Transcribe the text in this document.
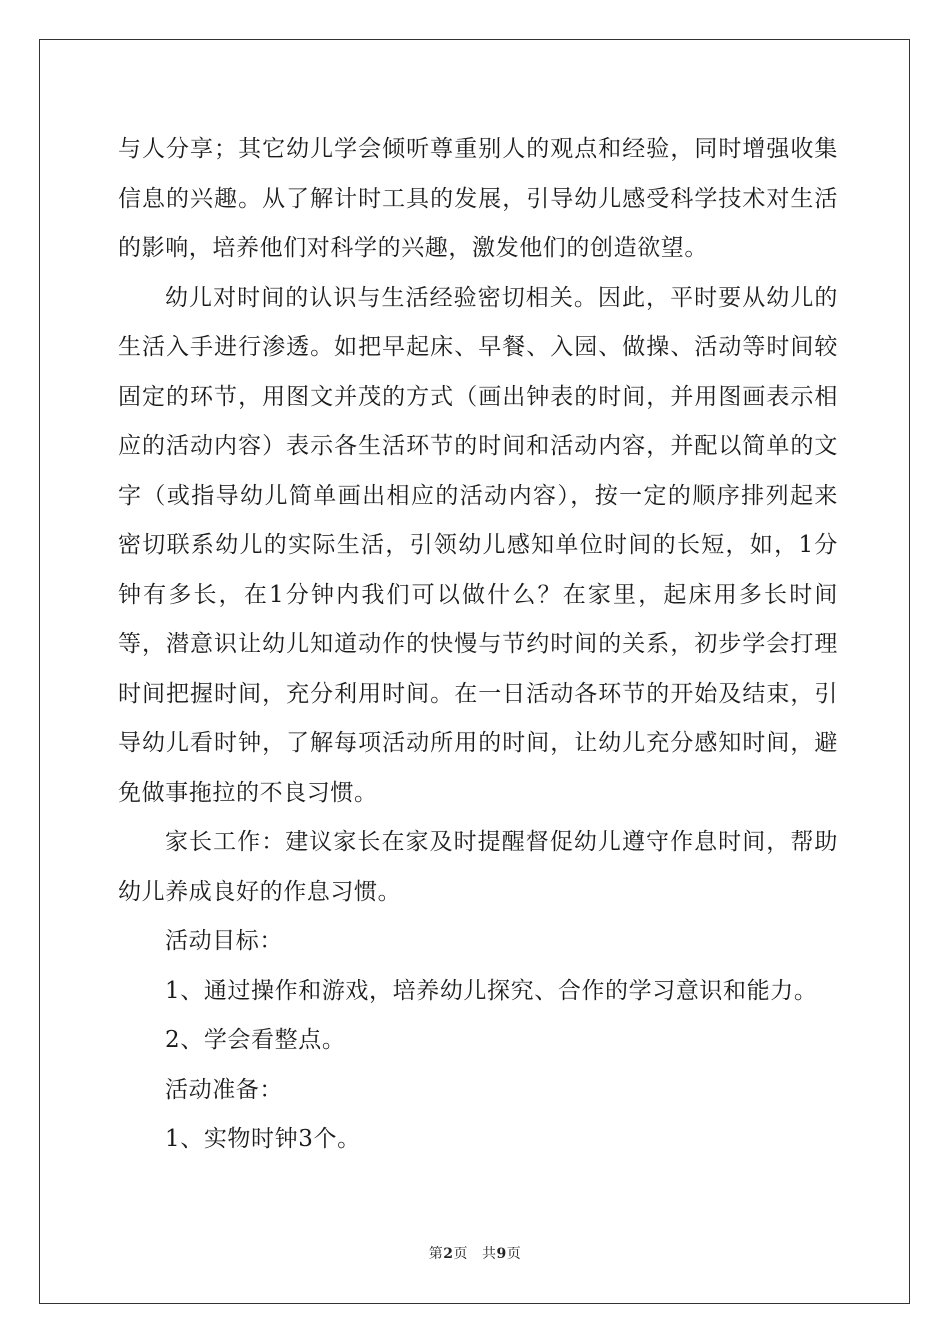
与人分享；其它幼儿学会倾听尊重别人的观点和经验，同时增强收集信息的兴趣。从了解计时工具的发展，引导幼儿感受科学技术对生活的影响，培养他们对科学的兴趣，激发他们的创造欲望。

幼儿对时间的认识与生活经验密切相关。因此，平时要从幼儿的生活入手进行渗透。如把早起床、早餐、入园、做操、活动等时间较固定的环节，用图文并茂的方式（画出钟表的时间，并用图画表示相应的活动内容）表示各生活环节的时间和活动内容，并配以简单的文字（或指导幼儿简单画出相应的活动内容），按一定的顺序排列起来密切联系幼儿的实际生活，引领幼儿感知单位时间的长短，如，1分钟有多长，在1分钟内我们可以做什么？在家里，起床用多长时间等，潜意识让幼儿知道动作的快慢与节约时间的关系，初步学会打理时间把握时间，充分利用时间。在一日活动各环节的开始及结束，引导幼儿看时钟，了解每项活动所用的时间，让幼儿充分感知时间，避免做事拖拉的不良习惯。

家长工作：建议家长在家及时提醒督促幼儿遵守作息时间，帮助幼儿养成良好的作息习惯。

活动目标：

1、通过操作和游戏，培养幼儿探究、合作的学习意识和能力。

2、学会看整点。

活动准备：

1、实物时钟3个。

第2页 共9页
